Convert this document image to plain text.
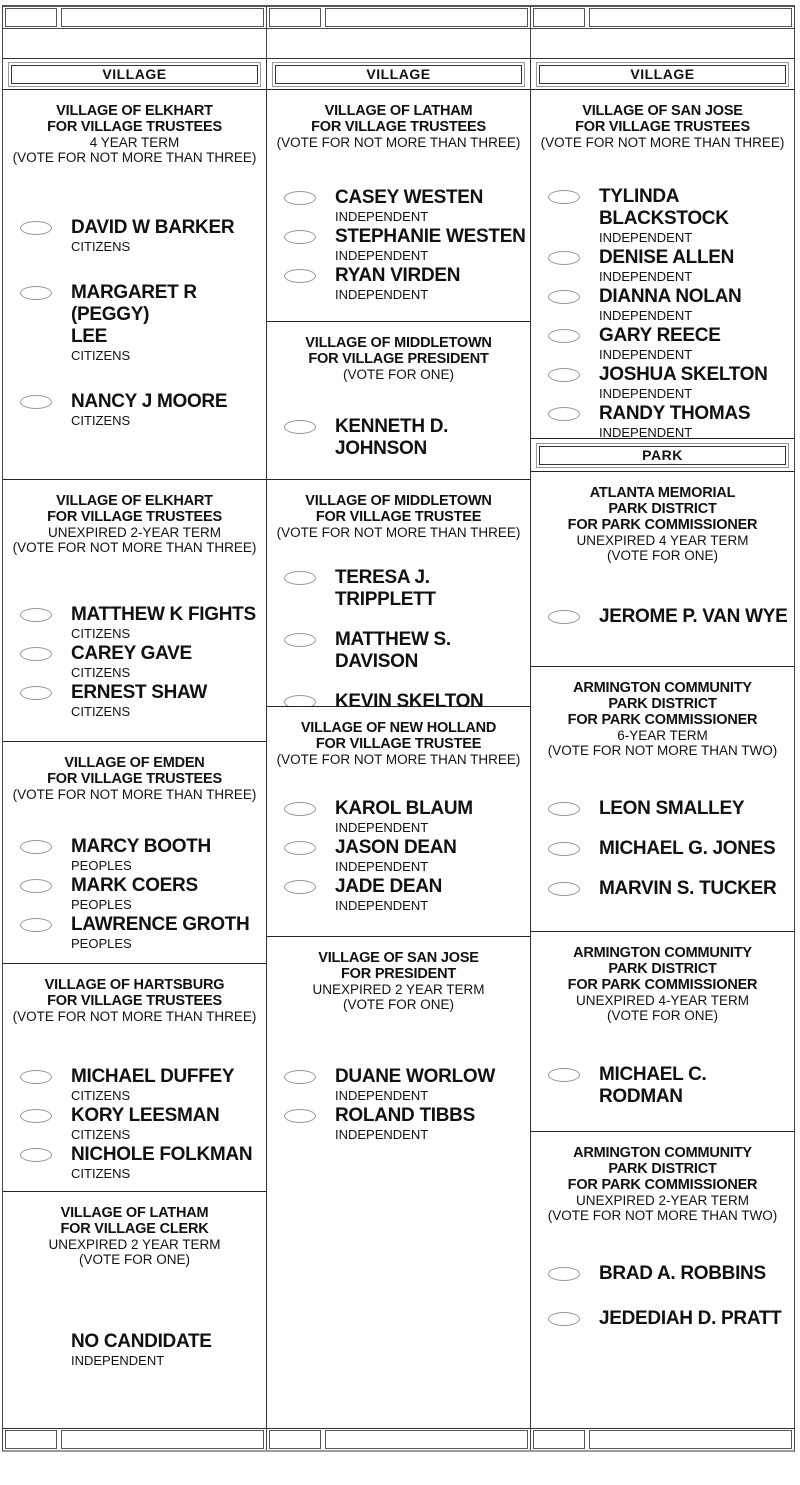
VILLAGE
VILLAGE OF ELKHART
FOR VILLAGE TRUSTEES
4 YEAR TERM
(VOTE FOR NOT MORE THAN THREE)
DAVID W BARKER
CITIZENS
MARGARET R (PEGGY)
LEE
CITIZENS
NANCY J MOORE
CITIZENS
VILLAGE OF ELKHART
FOR VILLAGE TRUSTEES
UNEXPIRED 2-YEAR TERM
(VOTE FOR NOT MORE THAN THREE)
MATTHEW K FIGHTS
CITIZENS
CAREY GAVE
CITIZENS
ERNEST SHAW
CITIZENS
VILLAGE OF EMDEN
FOR VILLAGE TRUSTEES
(VOTE FOR NOT MORE THAN THREE)
MARCY BOOTH
PEOPLES
MARK COERS
PEOPLES
LAWRENCE GROTH
PEOPLES
VILLAGE OF HARTSBURG
FOR VILLAGE TRUSTEES
(VOTE FOR NOT MORE THAN THREE)
MICHAEL DUFFEY
CITIZENS
KORY LEESMAN
CITIZENS
NICHOLE FOLKMAN
CITIZENS
VILLAGE OF LATHAM
FOR VILLAGE CLERK
UNEXPIRED 2 YEAR TERM
(VOTE FOR ONE)
NO CANDIDATE
INDEPENDENT
VILLAGE
VILLAGE OF LATHAM
FOR VILLAGE TRUSTEES
(VOTE FOR NOT MORE THAN THREE)
CASEY WESTEN
INDEPENDENT
STEPHANIE WESTEN
INDEPENDENT
RYAN VIRDEN
INDEPENDENT
VILLAGE OF MIDDLETOWN
FOR VILLAGE PRESIDENT
(VOTE FOR ONE)
KENNETH D. JOHNSON
VILLAGE OF MIDDLETOWN
FOR VILLAGE TRUSTEE
(VOTE FOR NOT MORE THAN THREE)
TERESA J. TRIPPLETT
MATTHEW S. DAVISON
KEVIN SKELTON
VILLAGE OF NEW HOLLAND
FOR VILLAGE TRUSTEE
(VOTE FOR NOT MORE THAN THREE)
KAROL BLAUM
INDEPENDENT
JASON DEAN
INDEPENDENT
JADE DEAN
INDEPENDENT
VILLAGE OF SAN JOSE
FOR PRESIDENT
UNEXPIRED 2 YEAR TERM
(VOTE FOR ONE)
DUANE WORLOW
INDEPENDENT
ROLAND TIBBS
INDEPENDENT
VILLAGE
VILLAGE OF SAN JOSE
FOR VILLAGE TRUSTEES
(VOTE FOR NOT MORE THAN THREE)
TYLINDA BLACKSTOCK
INDEPENDENT
DENISE ALLEN
INDEPENDENT
DIANNA NOLAN
INDEPENDENT
GARY REECE
INDEPENDENT
JOSHUA SKELTON
INDEPENDENT
RANDY THOMAS
INDEPENDENT
PARK
ATLANTA MEMORIAL
PARK DISTRICT
FOR PARK COMMISSIONER
UNEXPIRED 4 YEAR TERM
(VOTE FOR ONE)
JEROME P. VAN WYE
ARMINGTON COMMUNITY
PARK DISTRICT
FOR PARK COMMISSIONER
6-YEAR TERM
(VOTE FOR NOT MORE THAN TWO)
LEON SMALLEY
MICHAEL G. JONES
MARVIN S. TUCKER
ARMINGTON COMMUNITY
PARK DISTRICT
FOR PARK COMMISSIONER
UNEXPIRED 4-YEAR TERM
(VOTE FOR ONE)
MICHAEL C. RODMAN
ARMINGTON COMMUNITY
PARK DISTRICT
FOR PARK COMMISSIONER
UNEXPIRED 2-YEAR TERM
(VOTE FOR NOT MORE THAN TWO)
BRAD A. ROBBINS
JEDEDIAH D. PRATT
